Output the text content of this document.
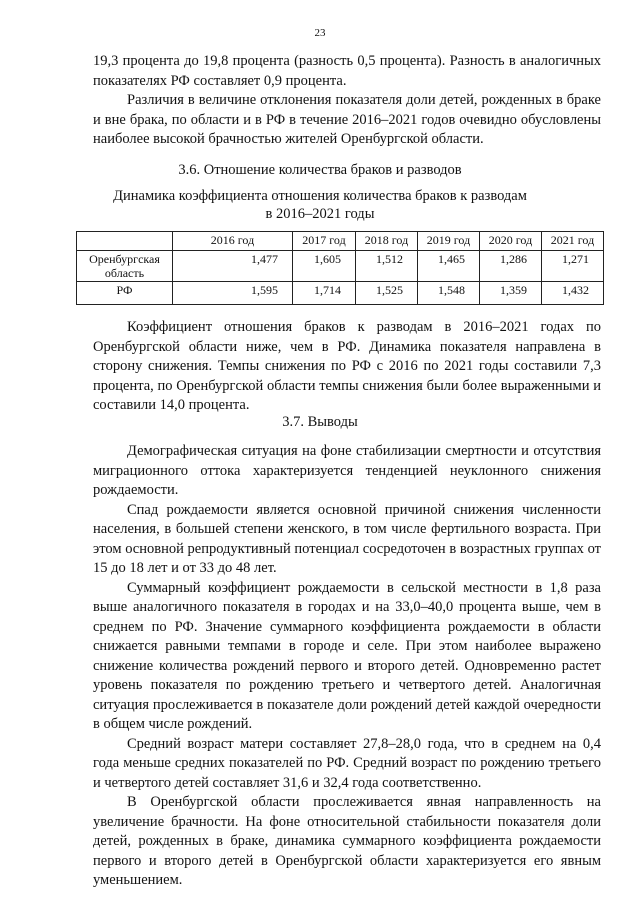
23

19,3 процента до 19,8 процента (разность 0,5 процента). Разность в аналогичных показателях РФ составляет 0,9 процента.

Различия в величине отклонения показателя доли детей, рожденных в браке и вне брака, по области и в РФ в течение 2016–2021 годов очевидно обусловлены наиболее высокой брачностью жителей Оренбургской области.

3.6. Отношение количества браков и разводов
Динамика коэффициента отношения количества браков к разводам
в 2016–2021 годы
	2016 год	2017 год	2018 год	2019 год	2020 год	2021 год
Оренбургская область	1,477	1,605	1,512	1,465	1,286	1,271
РФ	1,595	1,714	1,525	1,548	1,359	1,432

Коэффициент отношения браков к разводам в 2016–2021 годах по Оренбургской области ниже, чем в РФ. Динамика показателя направлена в сторону снижения. Темпы снижения по РФ с 2016 по 2021 годы составили 7,3 процента, по Оренбургской области темпы снижения были более выраженными и составили 14,0 процента.

3.7. Выводы

Демографическая ситуация на фоне стабилизации смертности и отсутствия миграционного оттока характеризуется тенденцией неуклонного снижения рождаемости.

Спад рождаемости является основной причиной снижения численности населения, в большей степени женского, в том числе фертильного возраста. При этом основной репродуктивный потенциал сосредоточен в возрастных группах от 15 до 18 лет и от 33 до 48 лет.

Суммарный коэффициент рождаемости в сельской местности в 1,8 раза выше аналогичного показателя в городах и на 33,0–40,0 процента выше, чем в среднем по РФ. Значение суммарного коэффициента рождаемости в области снижается равными темпами в городе и селе. При этом наиболее выражено снижение количества рождений первого и второго детей. Одновременно растет уровень показателя по рождению третьего и четвертого детей. Аналогичная ситуация прослеживается в показателе доли рождений детей каждой очередности в общем числе рождений.

Средний возраст матери составляет 27,8–28,0 года, что в среднем на 0,4 года меньше средних показателей по РФ. Средний возраст по рождению третьего и четвертого детей составляет 31,6 и 32,4 года соответственно.

В Оренбургской области прослеживается явная направленность на увеличение брачности. На фоне относительной стабильности показателя доли детей, рожденных в браке, динамика суммарного коэффициента рождаемости первого и второго детей в Оренбургской области характеризуется его явным уменьшением.
